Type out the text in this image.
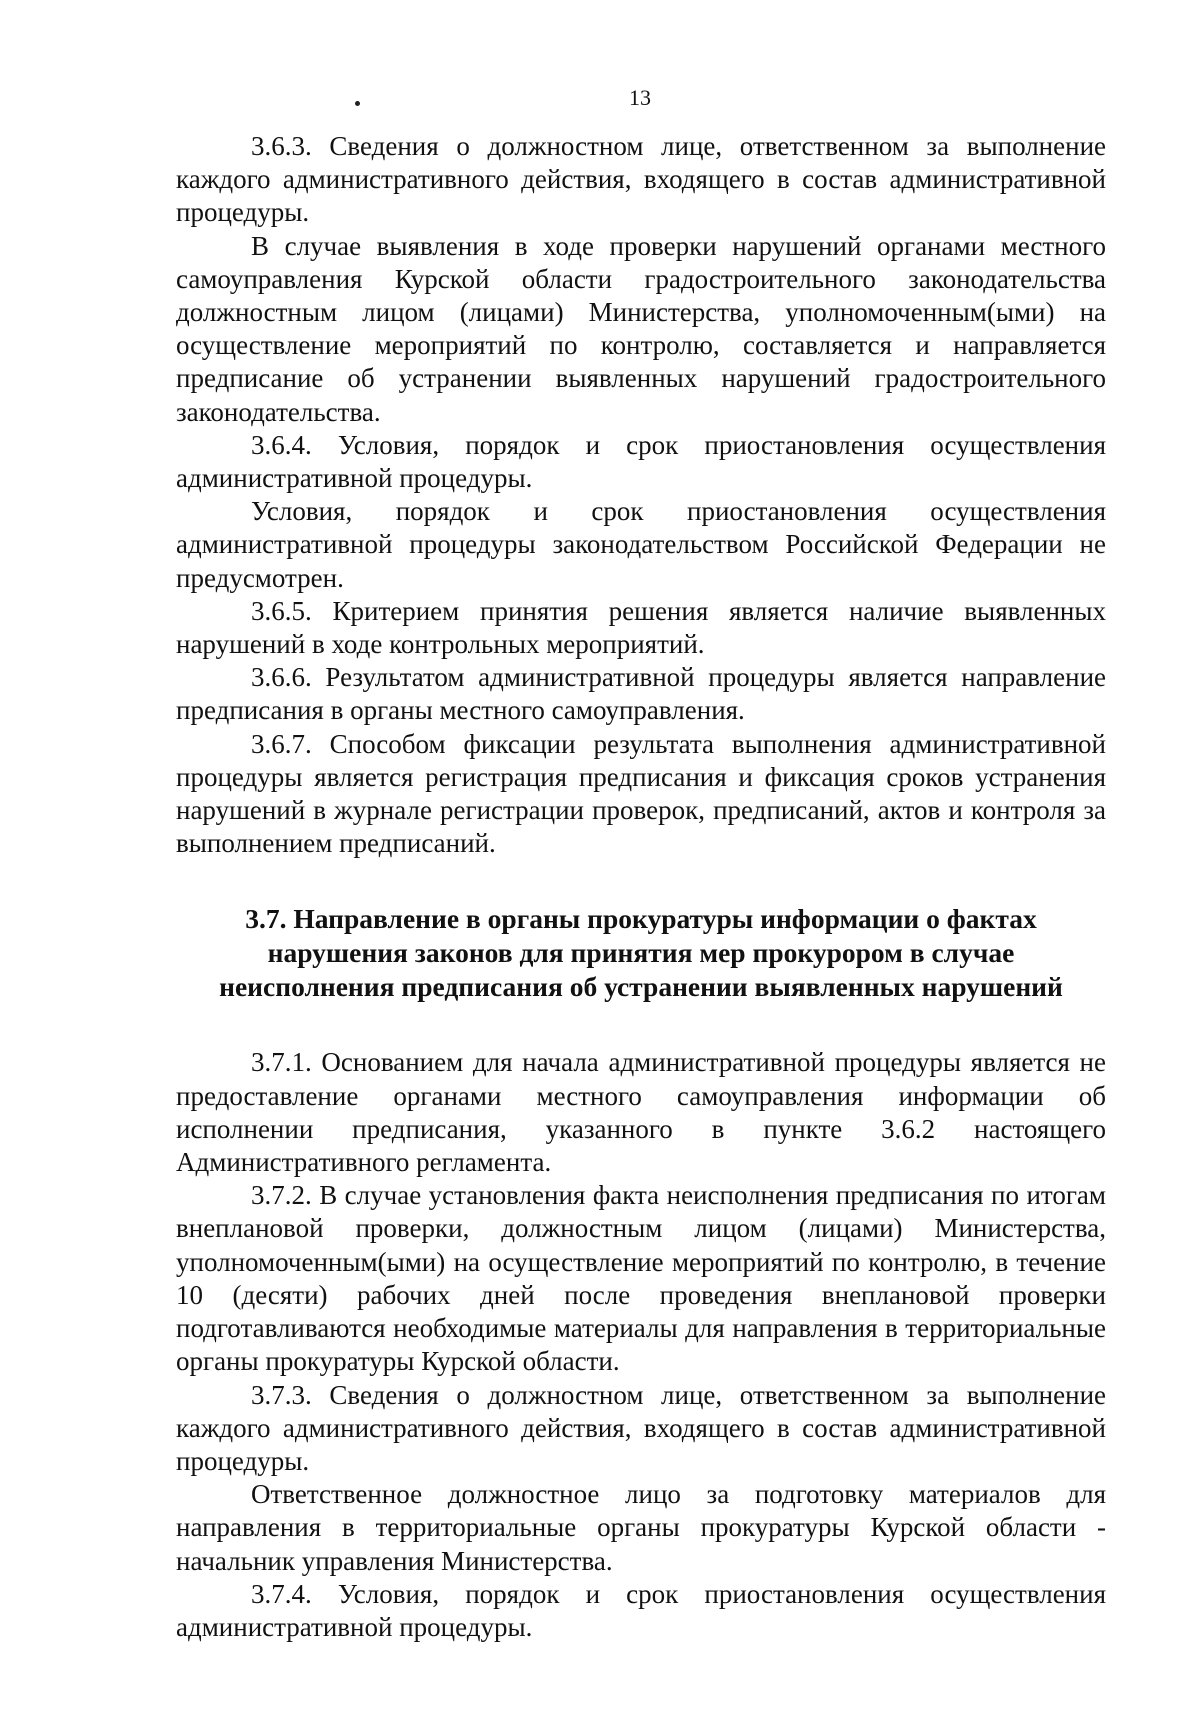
13

3.6.3. Сведения о должностном лице, ответственном за выполнение каждого административного действия, входящего в состав административной процедуры.

В случае выявления в ходе проверки нарушений органами местного самоуправления Курской области градостроительного законодательства должностным лицом (лицами) Министерства, уполномоченным(ыми) на осуществление мероприятий по контролю, составляется и направляется предписание об устранении выявленных нарушений градостроительного законодательства.

3.6.4. Условия, порядок и срок приостановления осуществления административной процедуры.

Условия, порядок и срок приостановления осуществления административной процедуры законодательством Российской Федерации не предусмотрен.

3.6.5. Критерием принятия решения является наличие выявленных нарушений в ходе контрольных мероприятий.

3.6.6. Результатом административной процедуры является направление предписания в органы местного самоуправления.

3.6.7. Способом фиксации результата выполнения административной процедуры является регистрация предписания и фиксация сроков устранения нарушений в журнале регистрации проверок, предписаний, актов и контроля за выполнением предписаний.

3.7. Направление в органы прокуратуры информации о фактах
нарушения законов для принятия мер прокурором в случае
неисполнения предписания об устранении выявленных нарушений

3.7.1. Основанием для начала административной процедуры является не предоставление органами местного самоуправления информации об исполнении предписания, указанного в пункте 3.6.2 настоящего Административного регламента.

3.7.2. В случае установления факта неисполнения предписания по итогам внеплановой проверки, должностным лицом (лицами) Министерства, уполномоченным(ыми) на осуществление мероприятий по контролю, в течение 10 (десяти) рабочих дней после проведения внеплановой проверки подготавливаются необходимые материалы для направления в территориальные органы прокуратуры Курской области.

3.7.3. Сведения о должностном лице, ответственном за выполнение каждого административного действия, входящего в состав административной процедуры.

Ответственное должностное лицо за подготовку материалов для направления в территориальные органы прокуратуры Курской области - начальник управления Министерства.

3.7.4. Условия, порядок и срок приостановления осуществления административной процедуры.
